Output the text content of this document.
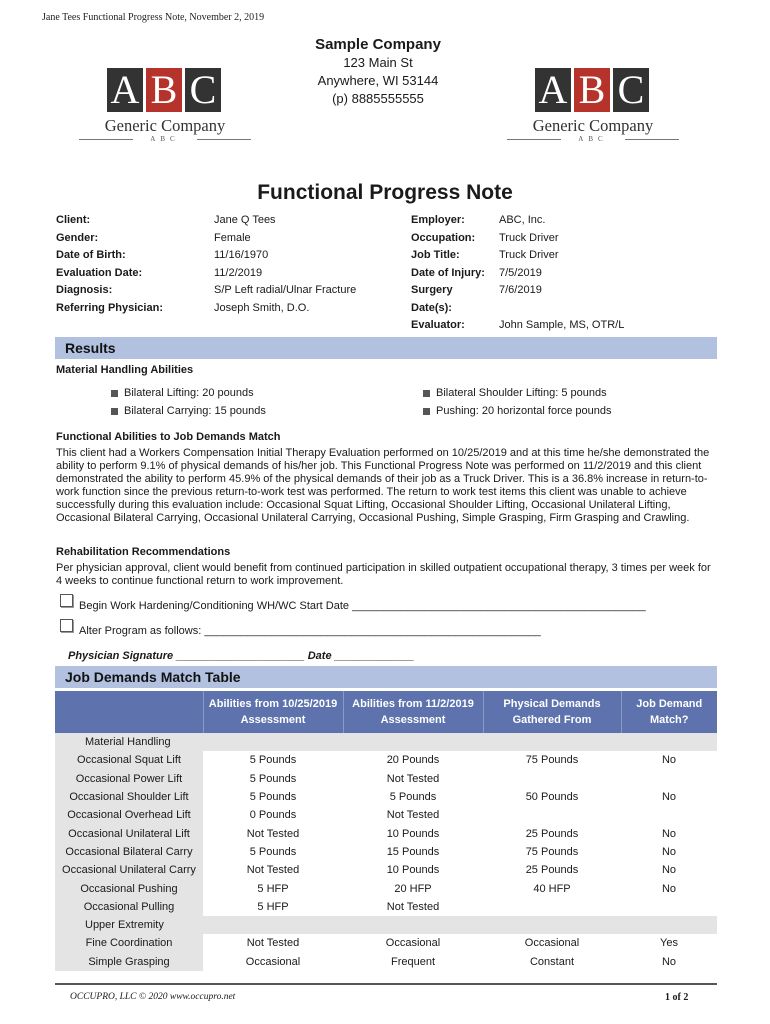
Jane Tees Functional Progress Note, November 2, 2019
A B C
Generic Company
ABC
Sample Company
123 Main St
Anywhere, WI 53144
(p) 8885555555	A B C
Generic Company
ABC
Functional Progress Note
Client:	Jane Q Tees
Gender:	Female
Date of Birth:	11/16/1970
Evaluation Date:	11/2/2019
Diagnosis:	S/P Left radial/Ulnar Fracture
Referring Physician:	Joseph Smith, D.O.
Employer:	ABC, Inc.
Occupation:	Truck Driver
Job Title:	Truck Driver
Date of Injury:	7/5/2019
Surgery	7/6/2019
Date(s):
Evaluator:	John Sample, MS, OTR/L
Results
Material Handling Abilities
Bilateral Lifting: 20 pounds
Bilateral Carrying: 15 pounds
Bilateral Shoulder Lifting: 5 pounds
Pushing: 20 horizontal force pounds
Functional Abilities to Job Demands Match
This client had a Workers Compensation Initial Therapy Evaluation performed on 10/25/2019 and at this time he/she demonstrated the ability to perform 9.1% of physical demands of his/her job. This Functional Progress Note was performed on 11/2/2019 and this client demonstrated the ability to perform 45.9% of the physical demands of their job as a Truck Driver. This is a 36.8% increase in return-to-work function since the previous return-to-work test was performed. The return to work test items this client was unable to achieve successfully during this evaluation include: Occasional Squat Lifting, Occasional Shoulder Lifting, Occasional Unilateral Lifting, Occasional Bilateral Carrying, Occasional Unilateral Carrying, Occasional Pushing, Simple Grasping, Firm Grasping and Crawling.
Rehabilitation Recommendations
Per physician approval, client would benefit from continued participation in skilled outpatient occupational therapy, 3 times per week for 4 weeks to continue functional return to work improvement.
Begin Work Hardening/Conditioning WH/WC Start Date ________________________________________________
Alter Program as follows: _______________________________________________________
Physician Signature _____________________ Date _____________
Job Demands Match Table
	Abilities from 10/25/2019 Assessment	Abilities from 11/2/2019 Assessment	Physical Demands Gathered From	Job Demand Match?
Material Handling				
Occasional Squat Lift	5 Pounds	20 Pounds	75 Pounds	No
Occasional Power Lift	5 Pounds	Not Tested		
Occasional Shoulder Lift	5 Pounds	5 Pounds	50 Pounds	No
Occasional Overhead Lift	0 Pounds	Not Tested		
Occasional Unilateral Lift	Not Tested	10 Pounds	25 Pounds	No
Occasional Bilateral Carry	5 Pounds	15 Pounds	75 Pounds	No
Occasional Unilateral Carry	Not Tested	10 Pounds	25 Pounds	No
Occasional Pushing	5 HFP	20 HFP	40 HFP	No
Occasional Pulling	5 HFP	Not Tested		
Upper Extremity				
Fine Coordination	Not Tested	Occasional	Occasional	Yes
Simple Grasping	Occasional	Frequent	Constant	No
OCCUPRO, LLC © 2020 www.occupro.net	1 of 2
